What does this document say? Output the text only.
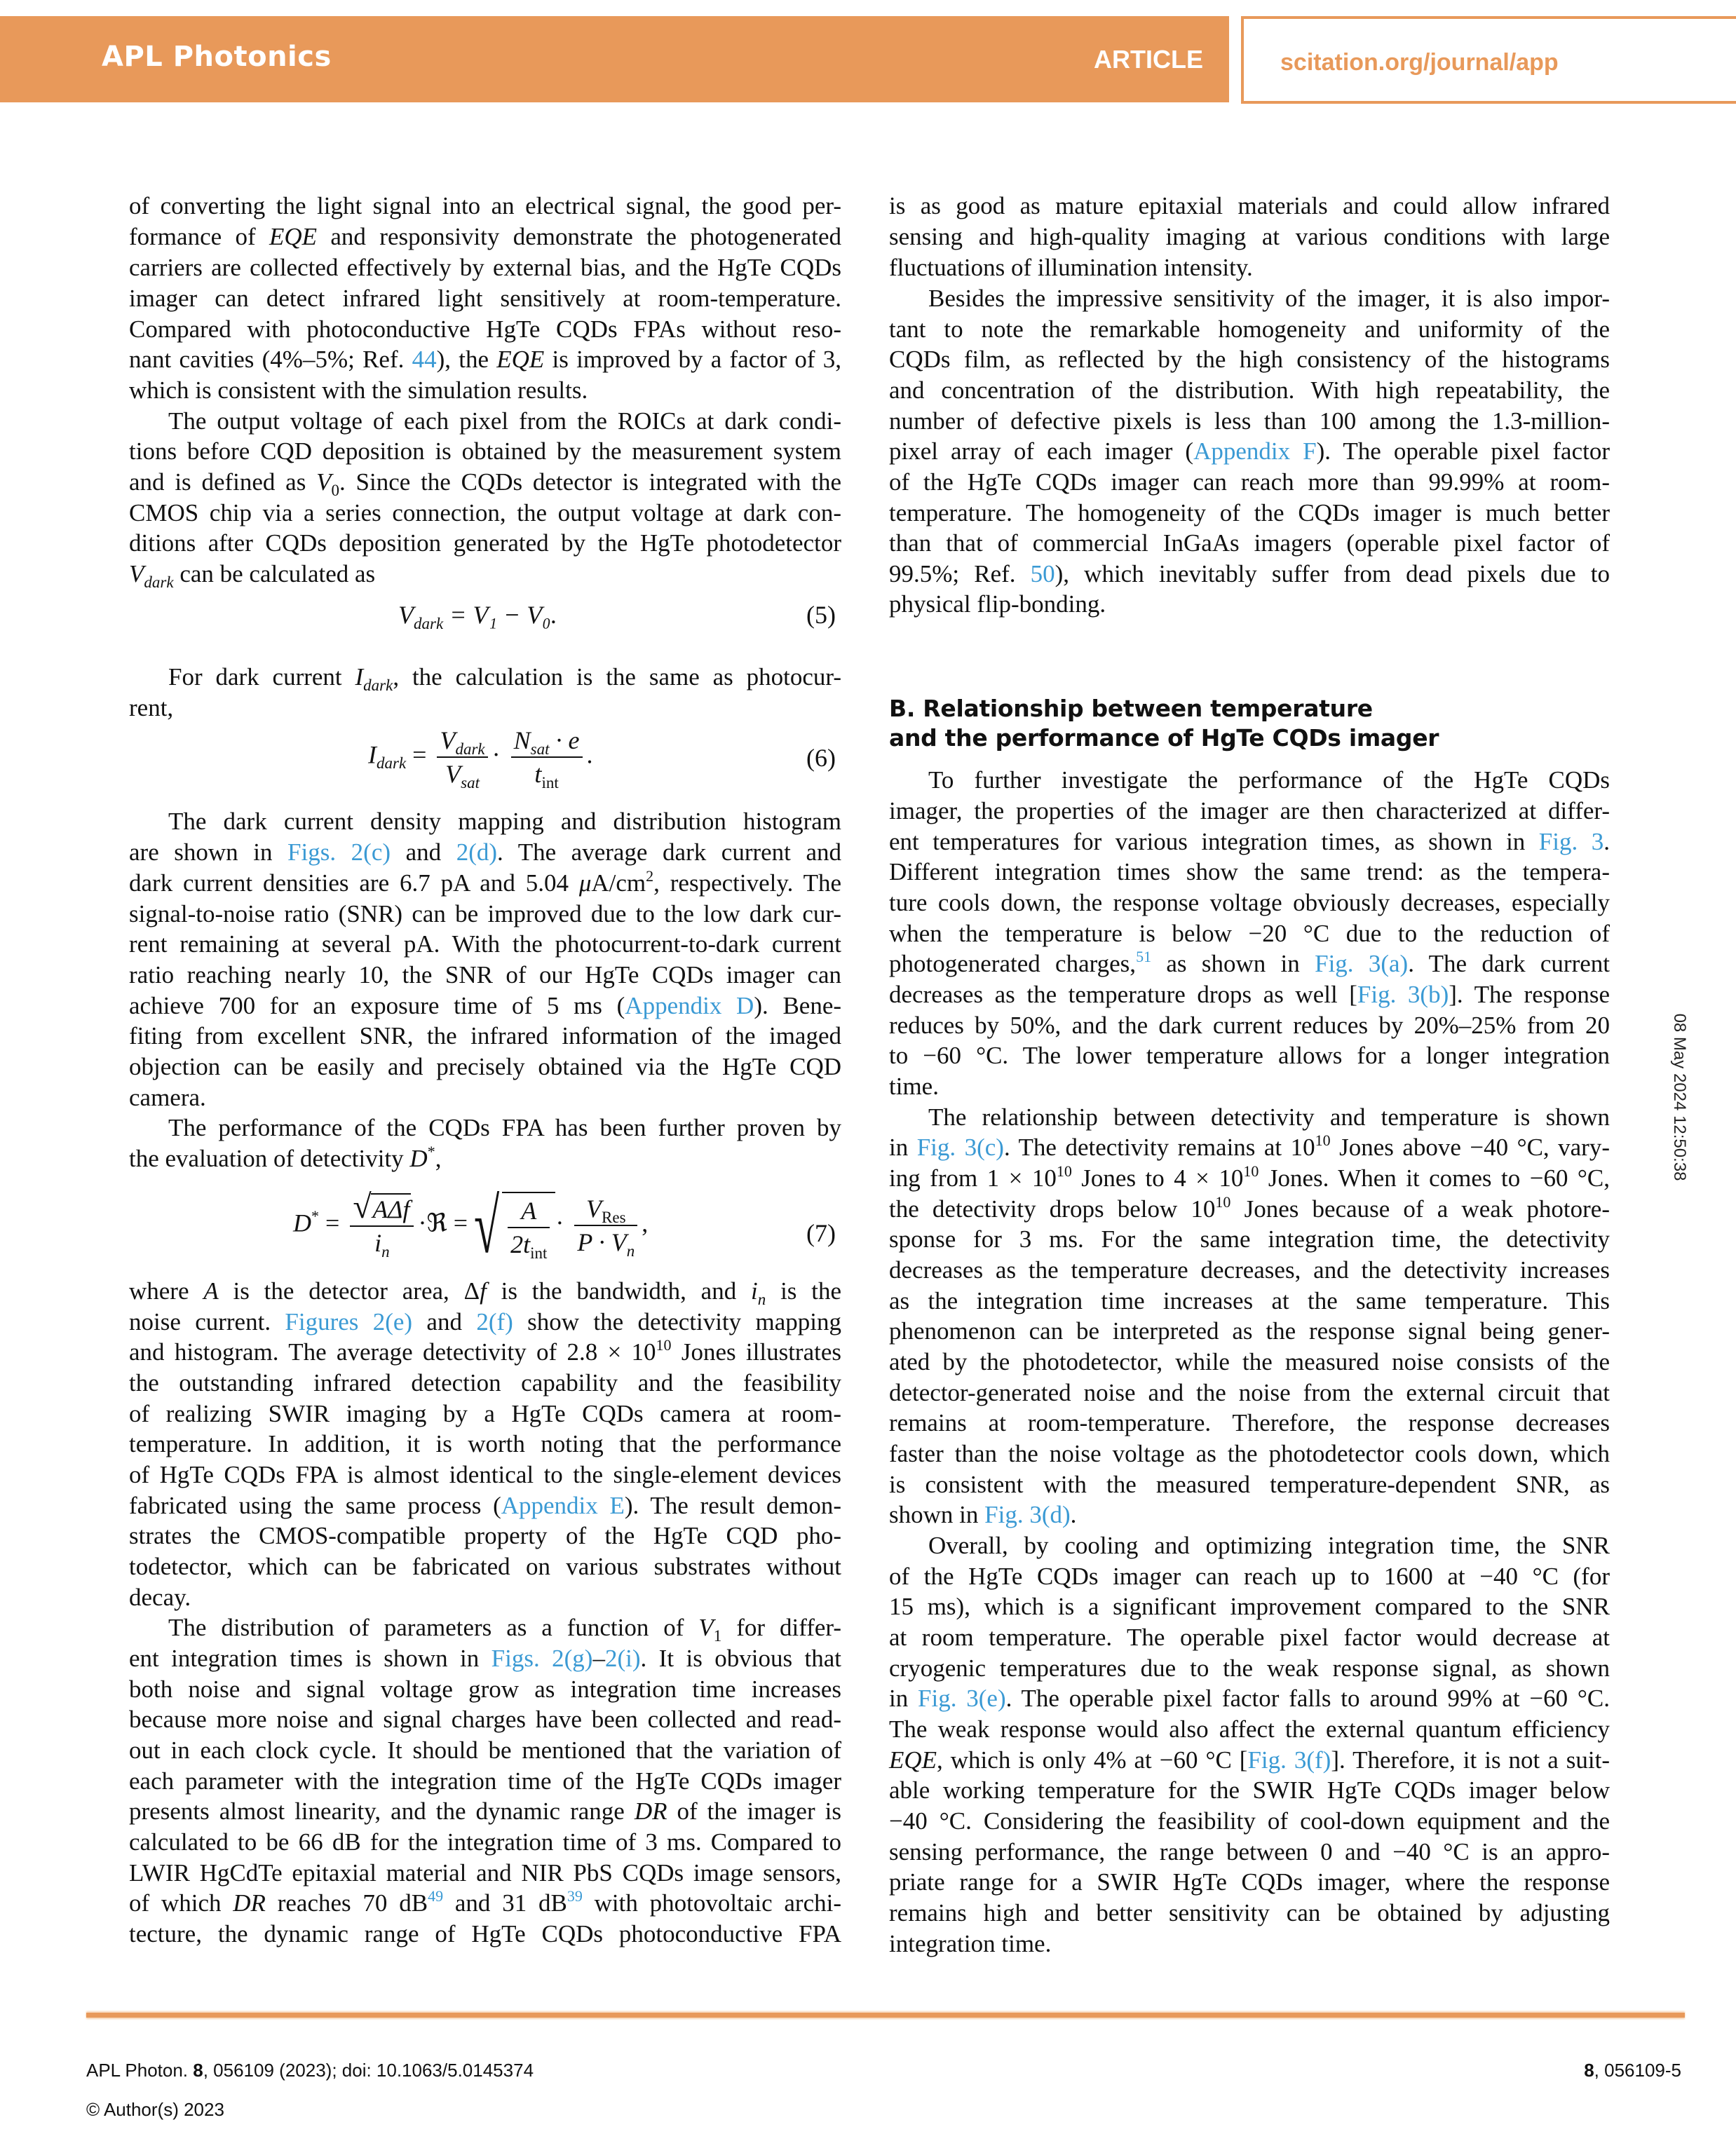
APL Photonics	ARTICLE	scitation.org/journal/app
of converting the light signal into an electrical signal, the good per-
formance of EQE and responsivity demonstrate the photogenerated
carriers are collected effectively by external bias, and the HgTe CQDs
imager can detect infrared light sensitively at room-temperature.
Compared with photoconductive HgTe CQDs FPAs without reso-
nant cavities (4%–5%; Ref. 44), the EQE is improved by a factor of 3,
which is consistent with the simulation results.
The output voltage of each pixel from the ROICs at dark condi-
tions before CQD deposition is obtained by the measurement system
and is defined as $V_0$. Since the CQDs detector is integrated with the
CMOS chip via a series connection, the output voltage at dark con-
ditions after CQDs deposition generated by the HgTe photodetector
$V_{dark}$ can be calculated as
For dark current $I_{dark}$, the calculation is the same as photocur-
rent,
The dark current density mapping and distribution histogram
are shown in Figs. 2(c) and 2(d). The average dark current and
dark current densities are 6.7 pA and 5.04 $\mu A/cm^2$, respectively. The
signal-to-noise ratio (SNR) can be improved due to the low dark cur-
rent remaining at several pA. With the photocurrent-to-dark current
ratio reaching nearly 10, the SNR of our HgTe CQDs imager can
achieve 700 for an exposure time of 5 ms (Appendix D). Bene-
fiting from excellent SNR, the infrared information of the imaged
objection can be easily and precisely obtained via the HgTe CQD
camera.
The performance of the CQDs FPA has been further proven by
the evaluation of detectivity D*,
where A is the detector area, Δf is the bandwidth, and $i_n$ is the
noise current. Figures 2(e) and 2(f) show the detectivity mapping
and histogram. The average detectivity of $2.8 \times 10^{10}$ Jones illustrates
the outstanding infrared detection capability and the feasibility
of realizing SWIR imaging by a HgTe CQDs camera at room-
temperature. In addition, it is worth noting that the performance
of HgTe CQDs FPA is almost identical to the single-element devices
fabricated using the same process (Appendix E). The result demon-
strates the CMOS-compatible property of the HgTe CQD pho-
todetector, which can be fabricated on various substrates without
decay.
The distribution of parameters as a function of $V_1$ for differ-
ent integration times is shown in Figs. 2(g)–2(i). It is obvious that
both noise and signal voltage grow as integration time increases
because more noise and signal charges have been collected and read-
out in each clock cycle. It should be mentioned that the variation of
each parameter with the integration time of the HgTe CQDs imager
presents almost linearity, and the dynamic range DR of the imager is
calculated to be 66 dB for the integration time of 3 ms. Compared to
LWIR HgCdTe epitaxial material and NIR PbS CQDs image sensors,
of which DR reaches 70 $dB^{49}$ and 31 $dB^{39}$ with photovoltaic archi-
tecture, the dynamic range of HgTe CQDs photoconductive FPA
$V_{dark} = V_1 - V_0$.	(5)
$I_{dark} = \frac{V_{dark}}{V_{sat}} \cdot \frac{N_{sat} \cdot e}{t_{int}}$ .	(6)
$D^* = \frac{\text{√ AΔf}}{i_n}$ ·ℜ = √ $\frac{A}{2t_{int}} \cdot \frac{V_{Res}}{P \cdot V_n}$ ,	(7)
B. Relationship between temperature
and the performance of HgTe CQDs imager
is as good as mature epitaxial materials and could allow infrared
sensing and high-quality imaging at various conditions with large
fluctuations of illumination intensity.
Besides the impressive sensitivity of the imager, it is also impor-
tant to note the remarkable homogeneity and uniformity of the
CQDs film, as reflected by the high consistency of the histograms
and concentration of the distribution. With high repeatability, the
number of defective pixels is less than 100 among the 1.3-million-
pixel array of each imager (Appendix F). The operable pixel factor
of the HgTe CQDs imager can reach more than 99.99% at room-
temperature. The homogeneity of the CQDs imager is much better
than that of commercial InGaAs imagers (operable pixel factor of
99.5%; Ref. 50), which inevitably suffer from dead pixels due to
physical flip-bonding.
To further investigate the performance of the HgTe CQDs
imager, the properties of the imager are then characterized at differ-
ent temperatures for various integration times, as shown in Fig. 3.
Different integration times show the same trend: as the tempera-
ture cools down, the response voltage obviously decreases, especially
when the temperature is below −20 °C due to the reduction of
photogenerated charges,$^{51}$ as shown in Fig. 3(a). The dark current
decreases as the temperature drops as well [Fig. 3(b)]. The response
reduces by 50%, and the dark current reduces by 20%–25% from 20
to −60 °C. The lower temperature allows for a longer integration
time.
The relationship between detectivity and temperature is shown
in Fig. 3(c). The detectivity remains at $10^{10}$ Jones above −40 °C, vary-
ing from $1 \times 10^{10}$ Jones to $4 \times 10^{10}$ Jones. When it comes to −60 °C,
the detectivity drops below $10^{10}$ Jones because of a weak photore-
sponse for 3 ms. For the same integration time, the detectivity
decreases as the temperature decreases, and the detectivity increases
as the integration time increases at the same temperature. This
phenomenon can be interpreted as the response signal being gener-
ated by the photodetector, while the measured noise consists of the
detector-generated noise and the noise from the external circuit that
remains at room-temperature. Therefore, the response decreases
faster than the noise voltage as the photodetector cools down, which
is consistent with the measured temperature-dependent SNR, as
shown in Fig. 3(d).
Overall, by cooling and optimizing integration time, the SNR
of the HgTe CQDs imager can reach up to 1600 at −40 °C (for
15 ms), which is a significant improvement compared to the SNR
at room temperature. The operable pixel factor would decrease at
cryogenic temperatures due to the weak response signal, as shown
in Fig. 3(e). The operable pixel factor falls to around 99% at −60 °C.
The weak response would also affect the external quantum efficiency
EQE, which is only 4% at −60 °C [Fig. 3(f)]. Therefore, it is not a suit-
able working temperature for the SWIR HgTe CQDs imager below
−40 °C. Considering the feasibility of cool-down equipment and the
sensing performance, the range between 0 and −40 °C is an appro-
priate range for a SWIR HgTe CQDs imager, where the response
remains high and better sensitivity can be obtained by adjusting
integration time.
08 May 2024 12:50:38
APL Photon. 8, 056109 (2023); doi: 10.1063/5.0145374
© Author(s) 2023
8, 056109-5
